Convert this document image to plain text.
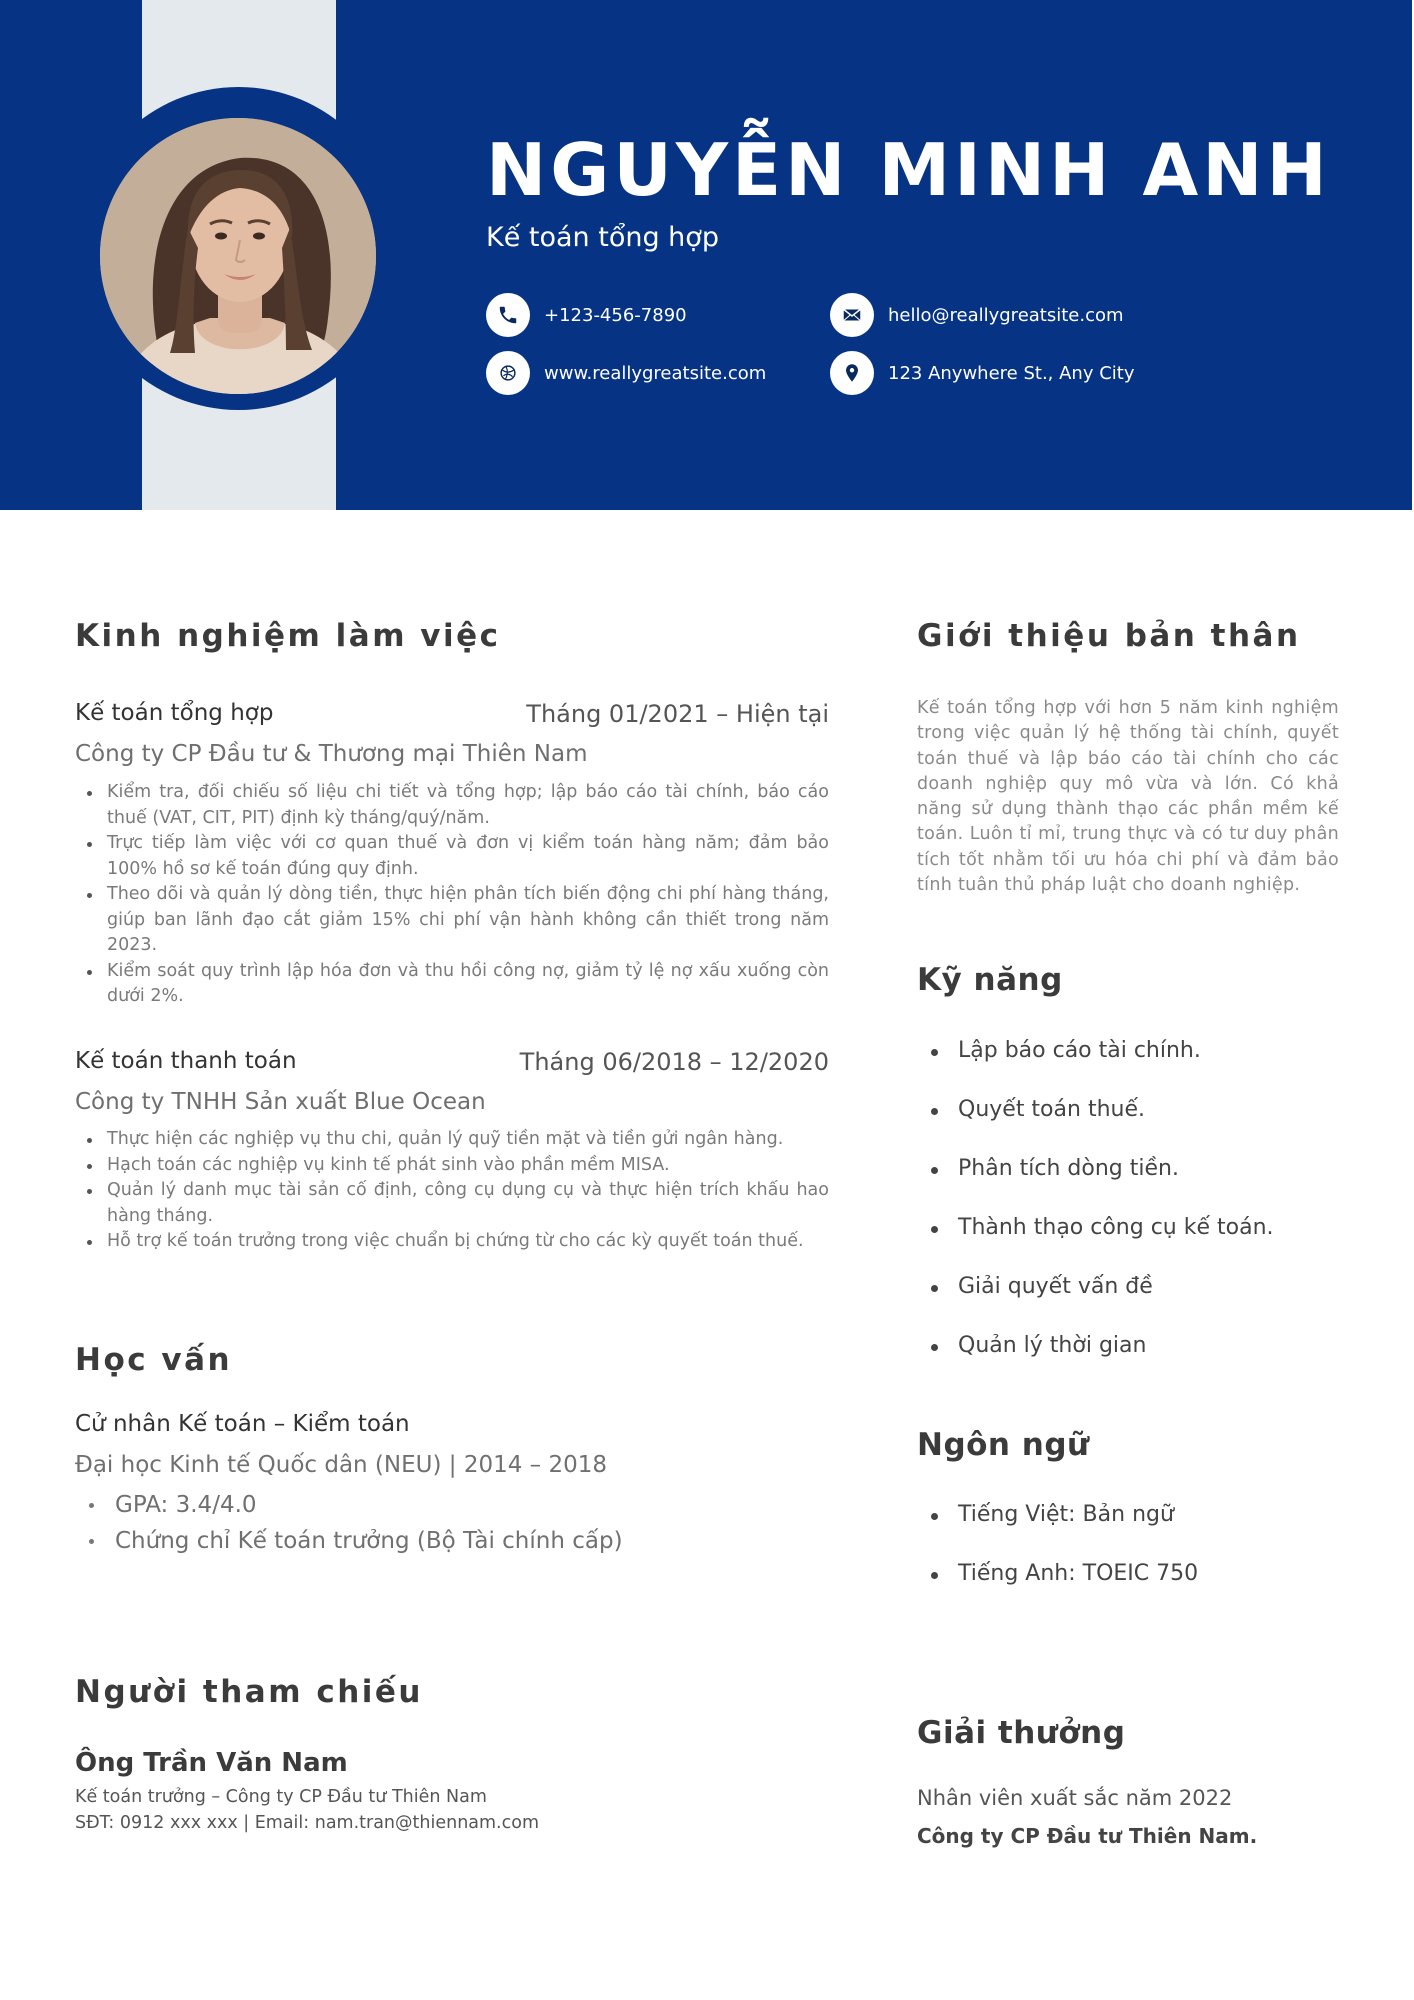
NGUYỄN MINH ANH
Kế toán tổng hợp
+123-456-7890	hello@reallygreatsite.com
www.reallygreatsite.com	123 Anywhere St., Any City
Kinh nghiệm làm việc
Kế toán tổng hợp	Tháng 01/2021 – Hiện tại
Công ty CP Đầu tư & Thương mại Thiên Nam
Kiểm tra, đối chiếu số liệu chi tiết và tổng hợp; lập báo cáo tài chính, báo cáo thuế (VAT, CIT, PIT) định kỳ tháng/quý/năm.
Trực tiếp làm việc với cơ quan thuế và đơn vị kiểm toán hàng năm; đảm bảo 100% hồ sơ kế toán đúng quy định.
Theo dõi và quản lý dòng tiền, thực hiện phân tích biến động chi phí hàng tháng, giúp ban lãnh đạo cắt giảm 15% chi phí vận hành không cần thiết trong năm 2023.
Kiểm soát quy trình lập hóa đơn và thu hồi công nợ, giảm tỷ lệ nợ xấu xuống còn dưới 2%.
Kế toán thanh toán	Tháng 06/2018 – 12/2020
Công ty TNHH Sản xuất Blue Ocean
Thực hiện các nghiệp vụ thu chi, quản lý quỹ tiền mặt và tiền gửi ngân hàng.
Hạch toán các nghiệp vụ kinh tế phát sinh vào phần mềm MISA.
Quản lý danh mục tài sản cố định, công cụ dụng cụ và thực hiện trích khấu hao hàng tháng.
Hỗ trợ kế toán trưởng trong việc chuẩn bị chứng từ cho các kỳ quyết toán thuế.
Học vấn
Cử nhân Kế toán – Kiểm toán
Đại học Kinh tế Quốc dân (NEU) | 2014 – 2018
GPA: 3.4/4.0
Chứng chỉ Kế toán trưởng (Bộ Tài chính cấp)
Người tham chiếu
Ông Trần Văn Nam
Kế toán trưởng – Công ty CP Đầu tư Thiên Nam
SĐT: 0912 xxx xxx | Email: nam.tran@thiennam.com
Giới thiệu bản thân
Kế toán tổng hợp với hơn 5 năm kinh nghiệm trong việc quản lý hệ thống tài chính, quyết toán thuế và lập báo cáo tài chính cho các doanh nghiệp quy mô vừa và lớn. Có khả năng sử dụng thành thạo các phần mềm kế toán. Luôn tỉ mỉ, trung thực và có tư duy phân tích tốt nhằm tối ưu hóa chi phí và đảm bảo tính tuân thủ pháp luật cho doanh nghiệp.
Kỹ năng
Lập báo cáo tài chính.
Quyết toán thuế.
Phân tích dòng tiền.
Thành thạo công cụ kế toán.
Giải quyết vấn đề
Quản lý thời gian
Ngôn ngữ
Tiếng Việt: Bản ngữ
Tiếng Anh: TOEIC 750
Giải thưởng
Nhân viên xuất sắc năm 2022
Công ty CP Đầu tư Thiên Nam.
